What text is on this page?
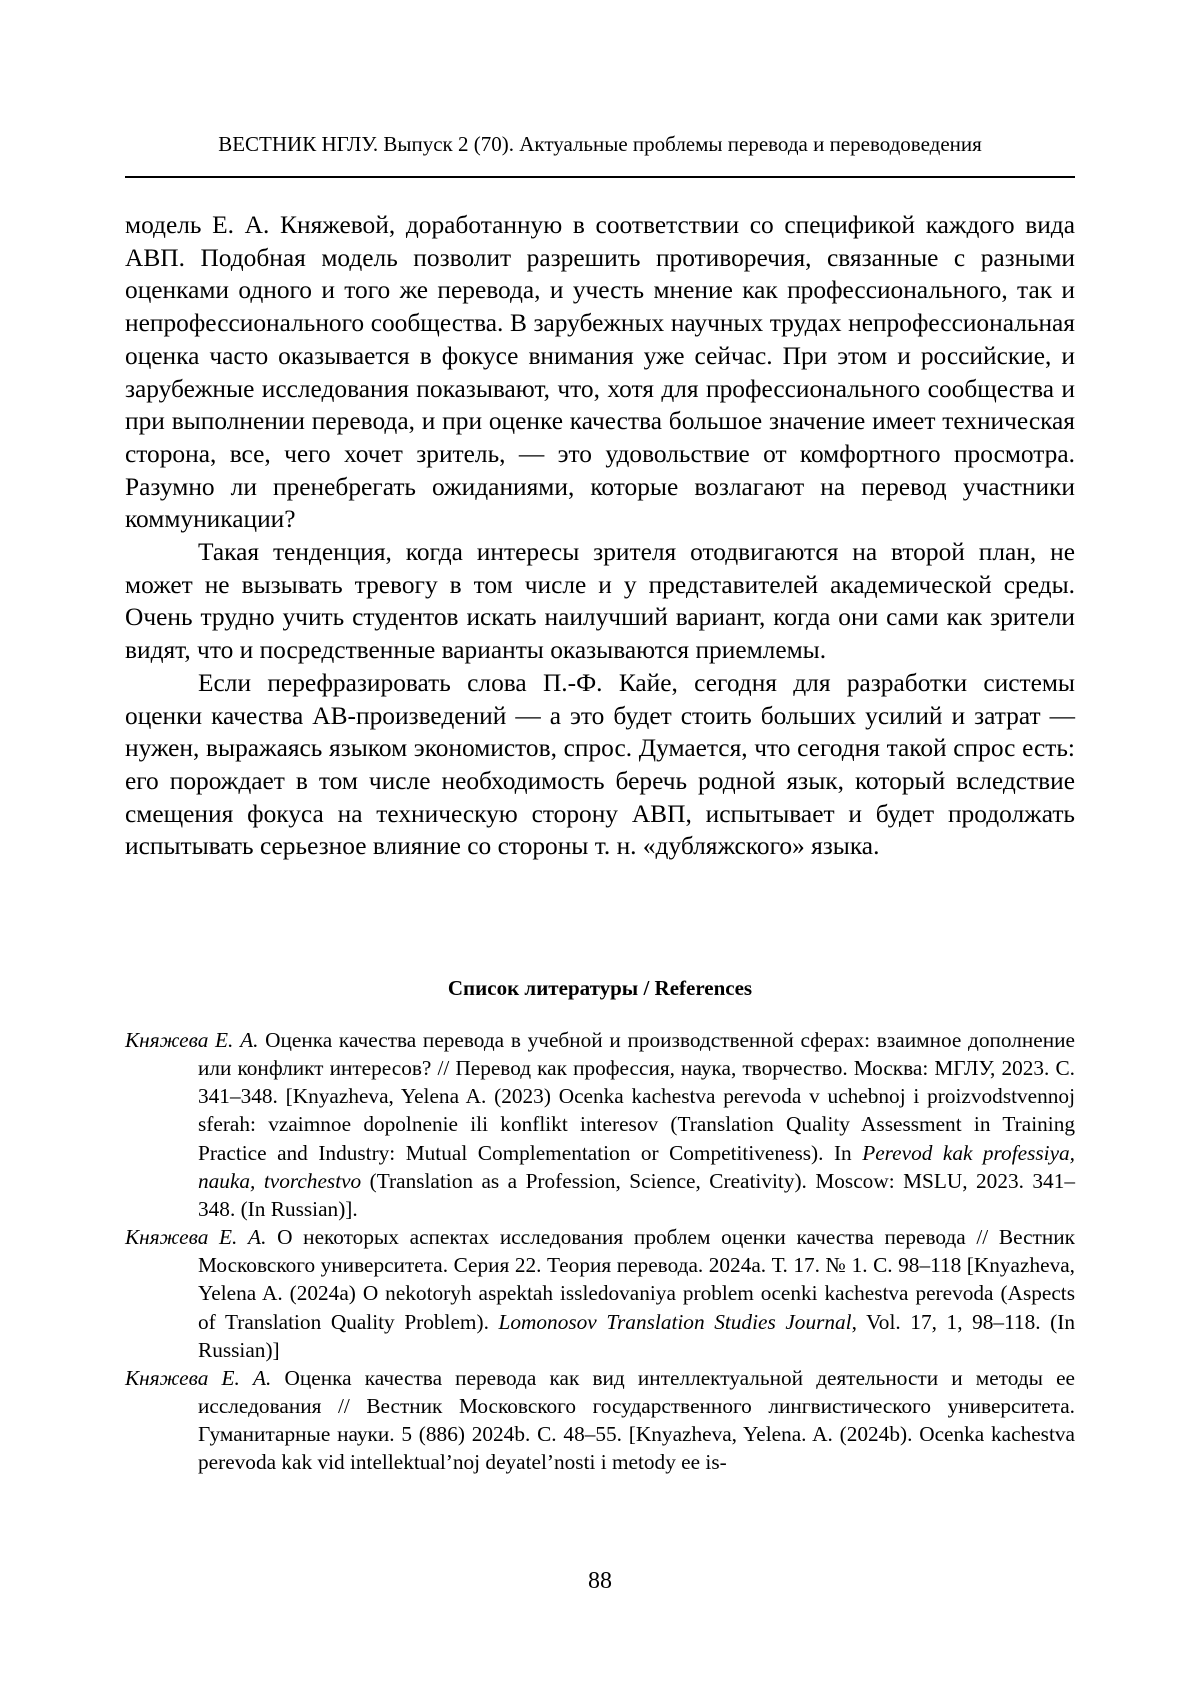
ВЕСТНИК НГЛУ. Выпуск 2 (70). Актуальные проблемы перевода и переводоведения

модель Е. А. Княжевой, доработанную в соответствии со спецификой каждого вида АВП. Подобная модель позволит разрешить противоречия, связанные с разными оценками одного и того же перевода, и учесть мнение как профессионального, так и непрофессионального сообщества. В зарубежных научных трудах непрофессиональная оценка часто оказывается в фокусе внимания уже сейчас. При этом и российские, и зарубежные исследования показывают, что, хотя для профессионального сообщества и при выполнении перевода, и при оценке качества большое значение имеет техническая сторона, все, чего хочет зритель, — это удовольствие от комфортного просмотра. Разумно ли пренебрегать ожиданиями, которые возлагают на перевод участники коммуникации?

Такая тенденция, когда интересы зрителя отодвигаются на второй план, не может не вызывать тревогу в том числе и у представителей академической среды. Очень трудно учить студентов искать наилучший вариант, когда они сами как зрители видят, что и посредственные варианты оказываются приемлемы.

Если перефразировать слова П.-Ф. Кайе, сегодня для разработки системы оценки качества АВ-произведений — а это будет стоить больших усилий и затрат — нужен, выражаясь языком экономистов, спрос. Думается, что сегодня такой спрос есть: его порождает в том числе необходимость беречь родной язык, который вследствие смещения фокуса на техническую сторону АВП, испытывает и будет продолжать испытывать серьезное влияние со стороны т. н. «дубляжского» языка.

Список литературы / References

Княжева Е. А. Оценка качества перевода в учебной и производственной сферах: взаимное дополнение или конфликт интересов? // Перевод как профессия, наука, творчество. Москва: МГЛУ, 2023. С. 341–348. [Knyazheva, Yelena A. (2023) Ocenka kachestva perevoda v uchebnoj i proizvodstvennoj sferah: vzaimnoe dopolnenie ili konflikt interesov (Translation Quality Assessment in Training Practice and Industry: Mutual Complementation or Competitiveness). In Perevod kak professiya, nauka, tvorchestvo (Translation as a Profession, Science, Creativity). Moscow: MSLU, 2023. 341–348. (In Russian)].

Княжева Е. А. О некоторых аспектах исследования проблем оценки качества перевода // Вестник Московского университета. Серия 22. Теория перевода. 2024a. Т. 17. № 1. С. 98–118 [Knyazheva, Yelena A. (2024a) O nekotoryh aspektah issledovaniya problem ocenki kachestva perevoda (Aspects of Translation Quality Problem). Lomonosov Translation Studies Journal, Vol. 17, 1, 98–118. (In Russian)]

Княжева Е. А. Оценка качества перевода как вид интеллектуальной деятельности и методы ее исследования // Вестник Московского государственного лингвистического университета. Гуманитарные науки. 5 (886) 2024b. С. 48–55. [Knyazheva, Yelena. A. (2024b). Ocenka kachestva perevoda kak vid intellektual’noj deyatel’nosti i metody ee is-

88
